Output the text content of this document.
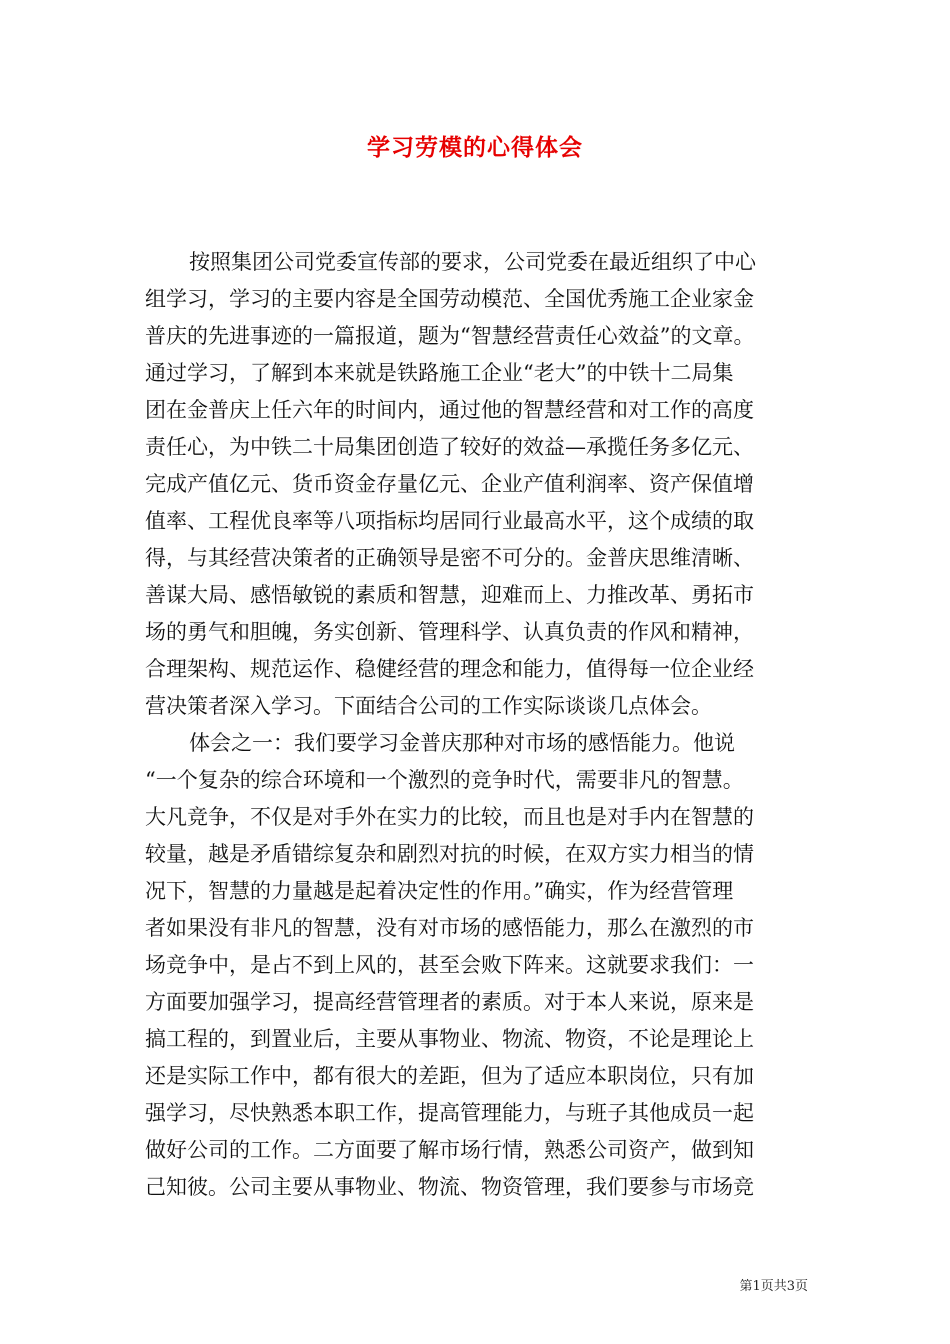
学习劳模的心得体会
按照集团公司党委宣传部的要求，公司党委在最近组织了中心
组学习，学习的主要内容是全国劳动模范、全国优秀施工企业家金
普庆的先进事迹的一篇报道，题为“智慧经营责任心效益”的文章。
通过学习，了解到本来就是铁路施工企业“老大”的中铁十二局集
团在金普庆上任六年的时间内，通过他的智慧经营和对工作的高度
责任心，为中铁二十局集团创造了较好的效益—承揽任务多亿元、
完成产值亿元、货币资金存量亿元、企业产值利润率、资产保值增
值率、工程优良率等八项指标均居同行业最高水平，这个成绩的取
得，与其经营决策者的正确领导是密不可分的。金普庆思维清晰、
善谋大局、感悟敏锐的素质和智慧，迎难而上、力推改革、勇拓市
场的勇气和胆魄，务实创新、管理科学、认真负责的作风和精神，
合理架构、规范运作、稳健经营的理念和能力，值得每一位企业经
营决策者深入学习。下面结合公司的工作实际谈谈几点体会。
体会之一：我们要学习金普庆那种对市场的感悟能力。他说
“一个复杂的综合环境和一个激烈的竞争时代，需要非凡的智慧。
大凡竞争，不仅是对手外在实力的比较，而且也是对手内在智慧的
较量，越是矛盾错综复杂和剧烈对抗的时候，在双方实力相当的情
况下，智慧的力量越是起着决定性的作用。”确实，作为经营管理
者如果没有非凡的智慧，没有对市场的感悟能力，那么在激烈的市
场竞争中，是占不到上风的，甚至会败下阵来。这就要求我们：一
方面要加强学习，提高经营管理者的素质。对于本人来说，原来是
搞工程的，到置业后，主要从事物业、物流、物资，不论是理论上
还是实际工作中，都有很大的差距，但为了适应本职岗位，只有加
强学习，尽快熟悉本职工作，提高管理能力，与班子其他成员一起
做好公司的工作。二方面要了解市场行情，熟悉公司资产，做到知
己知彼。公司主要从事物业、物流、物资管理，我们要参与市场竞
第1页共3页
